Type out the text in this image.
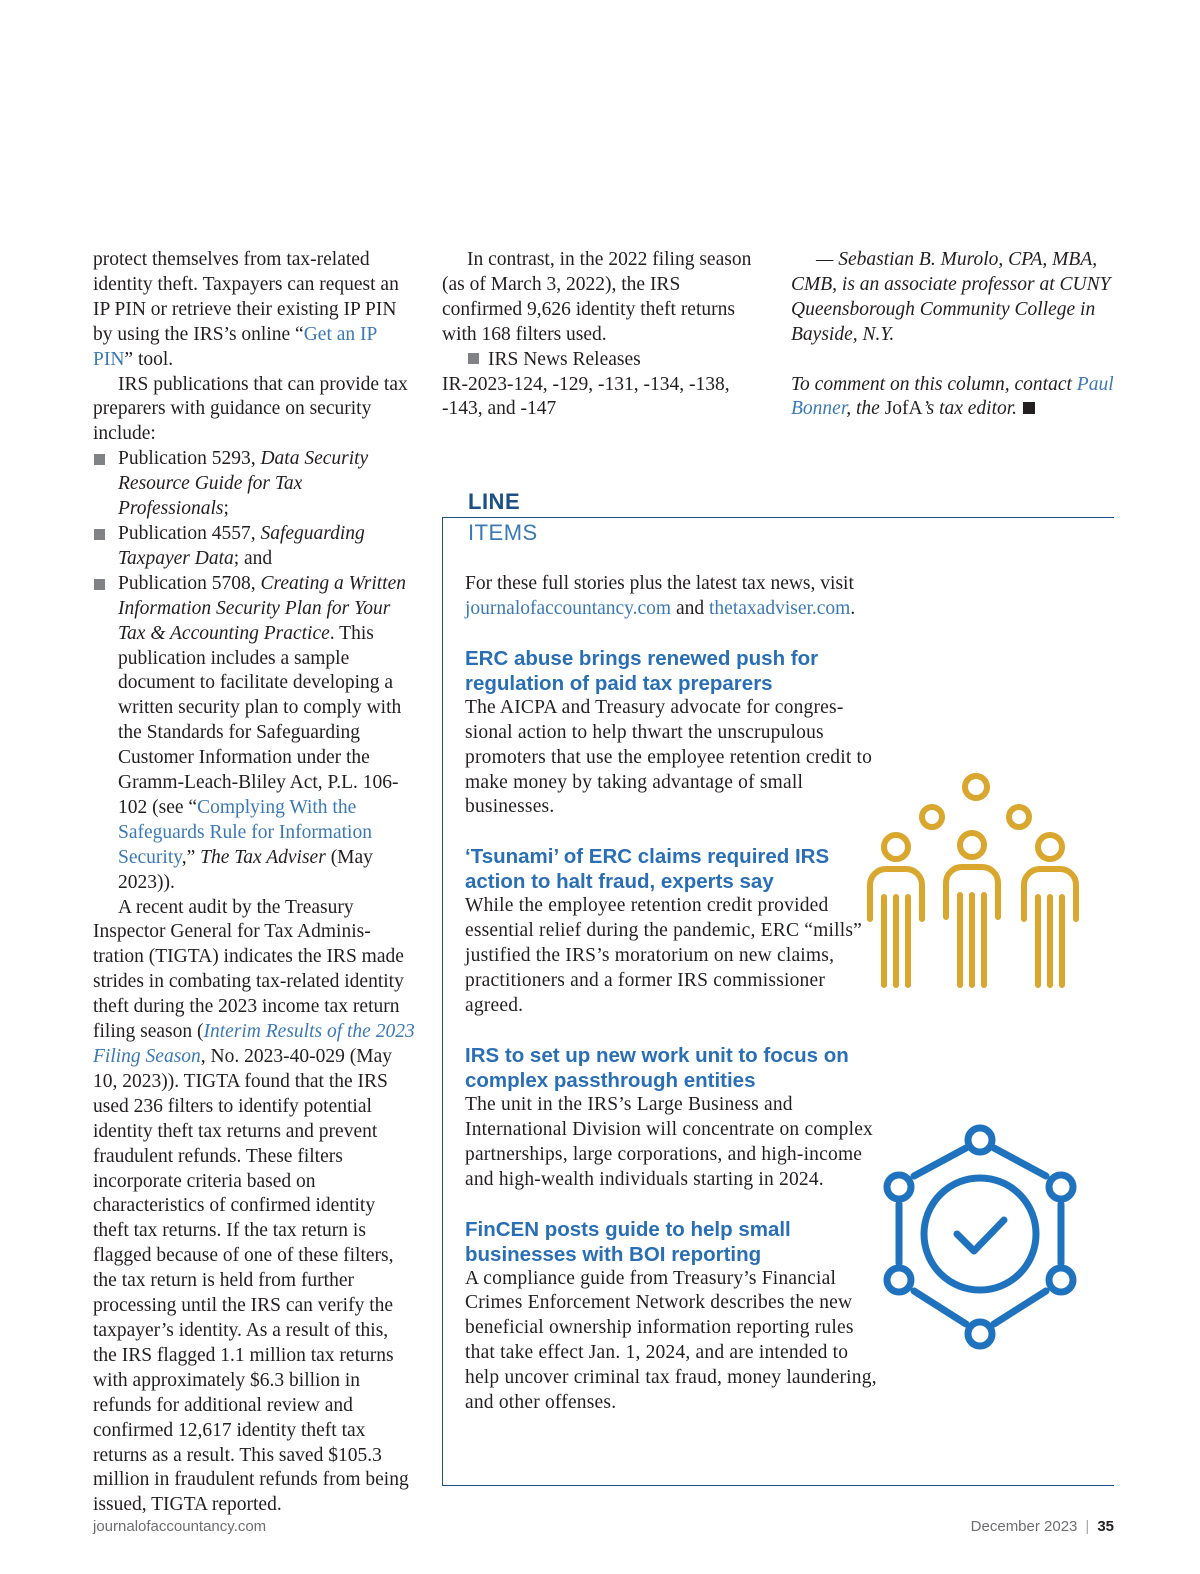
protect themselves from tax-related identity theft. Taxpayers can request an IP PIN or retrieve their existing IP PIN by using the IRS’s online “Get an IP PIN” tool.

IRS publications that can provide tax preparers with guidance on security include:

Publication 5293, Data Security Resource Guide for Tax Professionals;
Publication 4557, Safeguarding Taxpayer Data; and
Publication 5708, Creating a Written Information Security Plan for Your Tax & Accounting Practice. This publication includes a sample document to facilitate developing a written security plan to comply with the Standards for Safeguarding Customer Information under the Gramm-Leach-Bliley Act, P.L. 106-102 (see “Complying With the Safeguards Rule for Information Security,” The Tax Adviser (May 2023)).

A recent audit by the Treasury Inspector General for Tax Administration (TIGTA) indicates the IRS made strides in combating tax-related identity theft during the 2023 income tax return filing season (Interim Results of the 2023 Filing Season, No. 2023-40-029 (May 10, 2023)). TIGTA found that the IRS used 236 filters to identify potential identity theft tax returns and prevent fraudulent refunds. These filters incorporate criteria based on characteristics of confirmed identity theft tax returns. If the tax return is flagged because of one of these filters, the tax return is held from further processing until the IRS can verify the taxpayer’s identity. As a result of this, the IRS flagged 1.1 million tax returns with approximately $6.3 billion in refunds for additional review and confirmed 12,617 identity theft tax returns as a result. This saved $105.3 million in fraudulent refunds from being issued, TIGTA reported.

In contrast, in the 2022 filing season (as of March 3, 2022), the IRS confirmed 9,626 identity theft returns with 168 filters used.

IRS News Releases

IR-2023-124, -129, -131, -134, -138, -143, and -147

— Sebastian B. Murolo, CPA, MBA, CMB, is an associate professor at CUNY Queensborough Community College in Bayside, N.Y.

To comment on this column, contact Paul Bonner, the JofA’s tax editor.

LINE
ITEMS

For these full stories plus the latest tax news, visit journalofaccountancy.com and thetaxadviser.com.

ERC abuse brings renewed push for regulation of paid tax preparers

The AICPA and Treasury advocate for congressional action to help thwart the unscrupulous promoters that use the employee retention credit to make money by taking advantage of small businesses.

‘Tsunami’ of ERC claims required IRS action to halt fraud, experts say

While the employee retention credit provided essential relief during the pandemic, ERC “mills” justified the IRS’s moratorium on new claims, practitioners and a former IRS commissioner agreed.

IRS to set up new work unit to focus on complex passthrough entities

The unit in the IRS’s Large Business and International Division will concentrate on complex partnerships, large corporations, and high-income and high-wealth individuals starting in 2024.

FinCEN posts guide to help small businesses with BOI reporting

A compliance guide from Treasury’s Financial Crimes Enforcement Network describes the new beneficial ownership information reporting rules that take effect Jan. 1, 2024, and are intended to help uncover criminal tax fraud, money laundering, and other offenses.

journalofaccountancy.com	December 2023 | 35
